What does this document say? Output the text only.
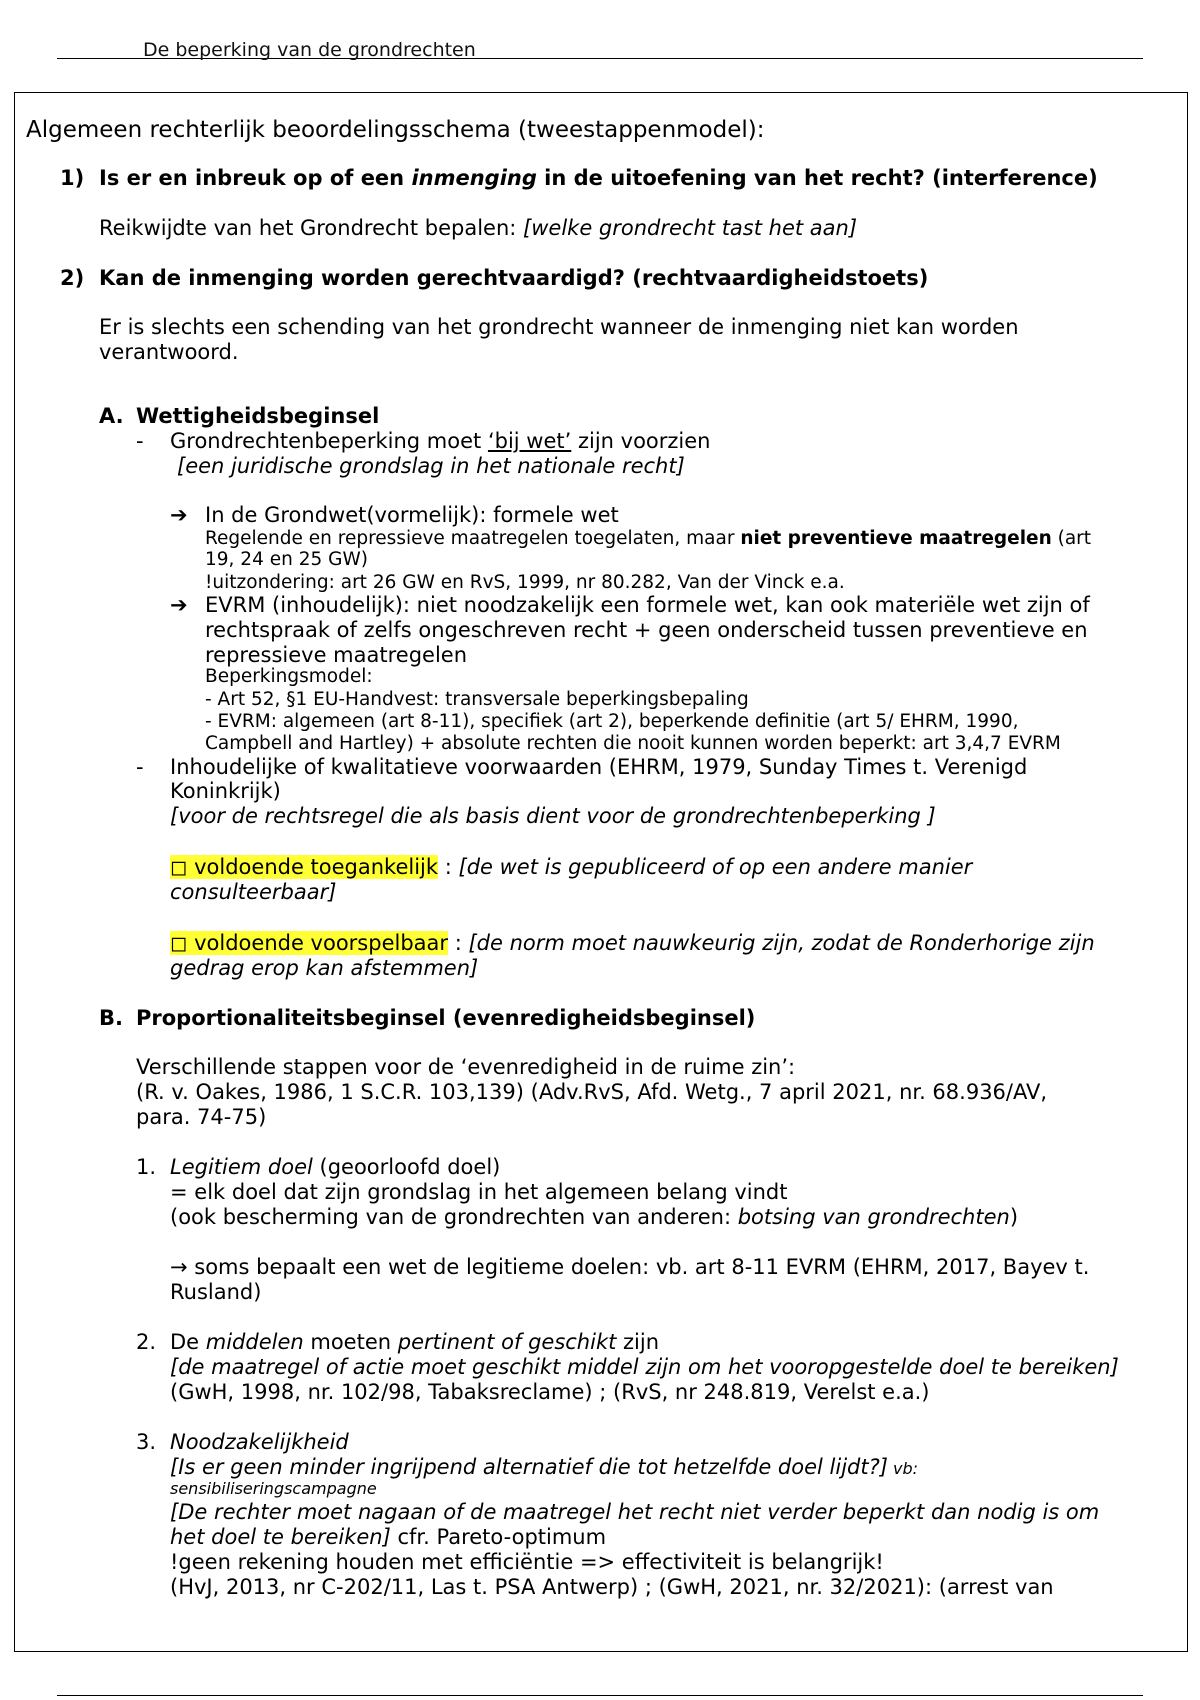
De beperking van de grondrechten
Algemeen rechterlijk beoordelingsschema (tweestappenmodel):
1) Is er en inbreuk op of een inmenging in de uitoefening van het recht? (interference)
Reikwijdte van het Grondrecht bepalen: [welke grondrecht tast het aan]
2) Kan de inmenging worden gerechtvaardigd? (rechtvaardigheidstoets)
Er is slechts een schending van het grondrecht wanneer de inmenging niet kan worden
verantwoord.
A. Wettigheidsbeginsel
- Grondrechtenbeperking moet ‘bij wet’ zijn voorzien
[een juridische grondslag in het nationale recht]
➔ In de Grondwet(vormelijk): formele wet
Regelende en repressieve maatregelen toegelaten, maar niet preventieve maatregelen (art
19, 24 en 25 GW)
!uitzondering: art 26 GW en RvS, 1999, nr 80.282, Van der Vinck e.a.
➔ EVRM (inhoudelijk): niet noodzakelijk een formele wet, kan ook materiële wet zijn of
rechtspraak of zelfs ongeschreven recht + geen onderscheid tussen preventieve en
repressieve maatregelen
Beperkingsmodel:
- Art 52, §1 EU-Handvest: transversale beperkingsbepaling
- EVRM: algemeen (art 8-11), specifiek (art 2), beperkende definitie (art 5/ EHRM, 1990,
Campbell and Hartley) + absolute rechten die nooit kunnen worden beperkt: art 3,4,7 EVRM
- Inhoudelijke of kwalitatieve voorwaarden (EHRM, 1979, Sunday Times t. Verenigd
Koninkrijk)
[voor de rechtsregel die als basis dient voor de grondrechtenbeperking ]
◻ voldoende toegankelijk : [de wet is gepubliceerd of op een andere manier
consulteerbaar]
◻ voldoende voorspelbaar : [de norm moet nauwkeurig zijn, zodat de Ronderhorige zijn
gedrag erop kan afstemmen]
B. Proportionaliteitsbeginsel (evenredigheidsbeginsel)
Verschillende stappen voor de ‘evenredigheid in de ruime zin’:
(R. v. Oakes, 1986, 1 S.C.R. 103,139) (Adv.RvS, Afd. Wetg., 7 april 2021, nr. 68.936/AV,
para. 74-75)
1. Legitiem doel (geoorloofd doel)
= elk doel dat zijn grondslag in het algemeen belang vindt
(ook bescherming van de grondrechten van anderen: botsing van grondrechten)
→ soms bepaalt een wet de legitieme doelen: vb. art 8-11 EVRM (EHRM, 2017, Bayev t.
Rusland)
2. De middelen moeten pertinent of geschikt zijn
[de maatregel of actie moet geschikt middel zijn om het vooropgestelde doel te bereiken]
(GwH, 1998, nr. 102/98, Tabaksreclame) ; (RvS, nr 248.819, Verelst e.a.)
3. Noodzakelijkheid
[Is er geen minder ingrijpend alternatief die tot hetzelfde doel lijdt?] vb:
sensibiliseringscampagne
[De rechter moet nagaan of de maatregel het recht niet verder beperkt dan nodig is om
het doel te bereiken] cfr. Pareto-optimum
!geen rekening houden met efficiëntie => effectiviteit is belangrijk!
(HvJ, 2013, nr C-202/11, Las t. PSA Antwerp) ; (GwH, 2021, nr. 32/2021): (arrest van
